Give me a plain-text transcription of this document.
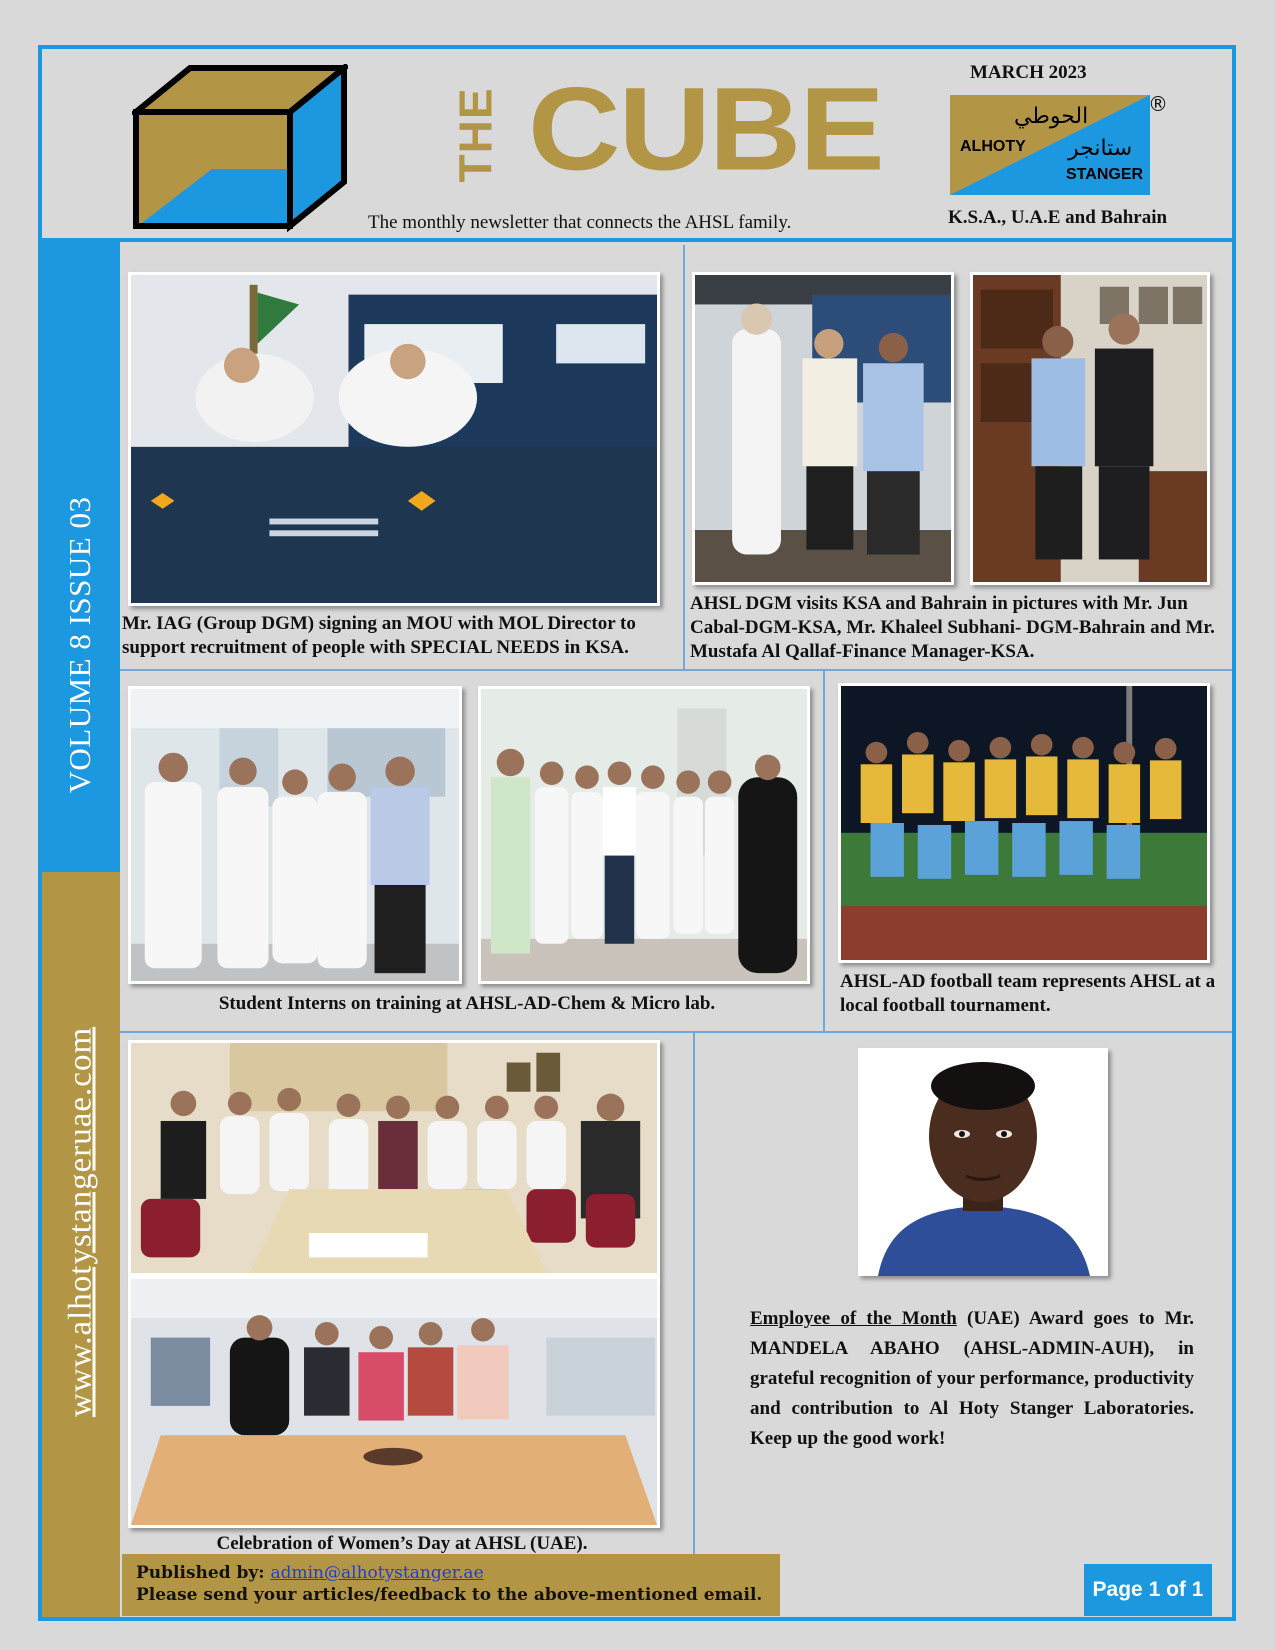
THE CUBE
The monthly newsletter that connects the AHSL family.
MARCH 2023
الحوطي
ALHOTY ستانجر
STANGER
®
K.S.A., U.A.E and Bahrain
VOLUME 8 ISSUE 03
www.alhotystangeruae.com
Mr. IAG (Group DGM) signing an MOU with MOL Director to support recruitment of people with SPECIAL NEEDS in KSA.
AHSL DGM visits KSA and Bahrain in pictures with Mr. Jun Cabal-DGM-KSA, Mr. Khaleel Subhani- DGM-Bahrain and Mr. Mustafa Al Qallaf-Finance Manager-KSA.
Student Interns on training at AHSL-AD-Chem & Micro lab.
AHSL-AD football team represents AHSL at a local football tournament.
Celebration of Women’s Day at AHSL (UAE).
Employee of the Month (UAE) Award goes to Mr. MANDELA ABAHO (AHSL-ADMIN-AUH), in grateful recognition of your performance, productivity and contribution to Al Hoty Stanger Laboratories. Keep up the good work!
Published by: admin@alhotystanger.ae
Please send your articles/feedback to the above-mentioned email.	Page 1 of 1
